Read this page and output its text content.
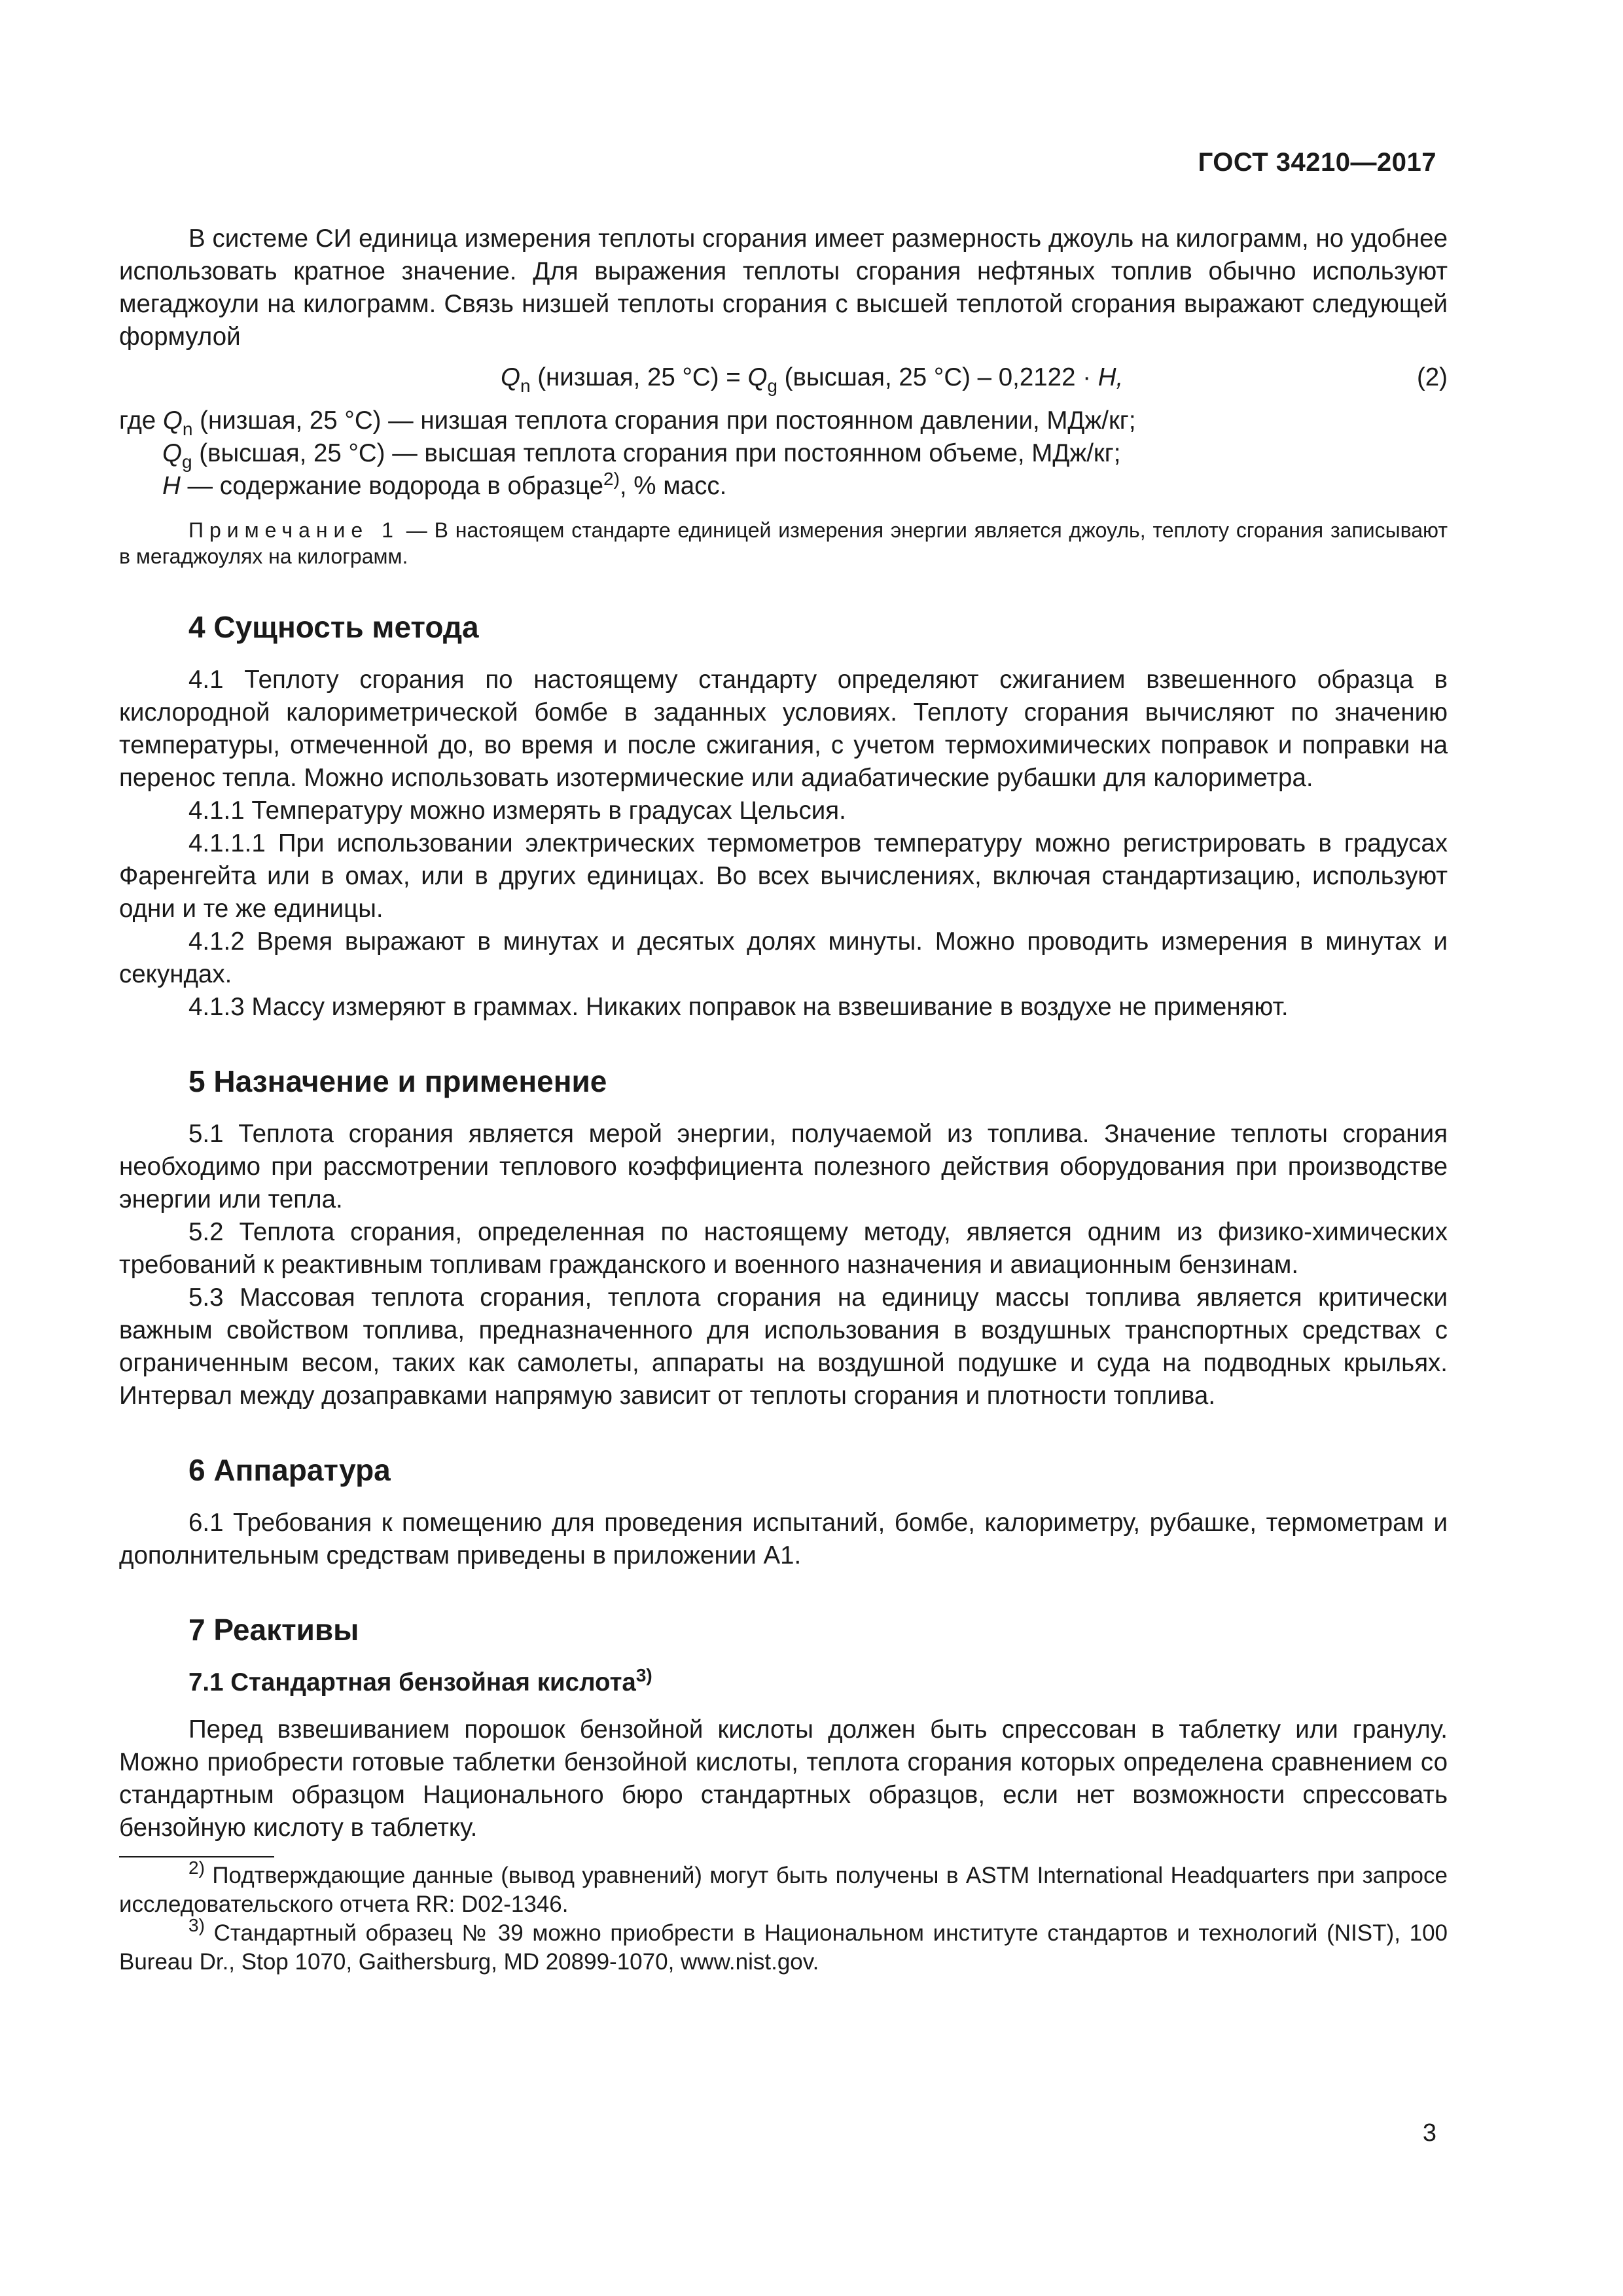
ГОСТ 34210—2017

В системе СИ единица измерения теплоты сгорания имеет размерность джоуль на килограмм, но удобнее использовать кратное значение. Для выражения теплоты сгорания нефтяных топлив обычно используют мегаджоули на килограмм. Связь низшей теплоты сгорания с высшей теплотой сгорания выражают следующей формулой

$Q_n$ (низшая, 25 $^\circ C) = Q_g$ (высшая, 25 °C) – 0,2122 · H,	(2)
где $Q_n$ (низшая, 25 °C) — низшая теплота сгорания при постоянном давлении, МДж/кг;
$Q_g$ (высшая, 25 °C) — высшая теплота сгорания при постоянном объеме, МДж/кг;
H — содержание водорода в образце$^{2)}$, % масс.

Примечание 1 — В настоящем стандарте единицей измерения энергии является джоуль, теплоту сгорания записывают в мегаджоулях на килограмм.

4 Сущность метода

4.1 Теплоту сгорания по настоящему стандарту определяют сжиганием взвешенного образца в кислородной калориметрической бомбе в заданных условиях. Теплоту сгорания вычисляют по значению температуры, отмеченной до, во время и после сжигания, с учетом термохимических поправок и поправки на перенос тепла. Можно использовать изотермические или адиабатические рубашки для калориметра.

4.1.1 Температуру можно измерять в градусах Цельсия.

4.1.1.1 При использовании электрических термометров температуру можно регистрировать в градусах Фаренгейта или в омах, или в других единицах. Во всех вычислениях, включая стандартизацию, используют одни и те же единицы.

4.1.2 Время выражают в минутах и десятых долях минуты. Можно проводить измерения в минутах и секундах.

4.1.3 Массу измеряют в граммах. Никаких поправок на взвешивание в воздухе не применяют.

5 Назначение и применение

5.1 Теплота сгорания является мерой энергии, получаемой из топлива. Значение теплоты сгорания необходимо при рассмотрении теплового коэффициента полезного действия оборудования при производстве энергии или тепла.

5.2 Теплота сгорания, определенная по настоящему методу, является одним из физико-химических требований к реактивным топливам гражданского и военного назначения и авиационным бензинам.

5.3 Массовая теплота сгорания, теплота сгорания на единицу массы топлива является критически важным свойством топлива, предназначенного для использования в воздушных транспортных средствах с ограниченным весом, таких как самолеты, аппараты на воздушной подушке и суда на подводных крыльях. Интервал между дозаправками напрямую зависит от теплоты сгорания и плотности топлива.

6 Аппаратура

6.1 Требования к помещению для проведения испытаний, бомбе, калориметру, рубашке, термометрам и дополнительным средствам приведены в приложении А1.

7 Реактивы
7.1 Стандартная бензойная кислота$^{3)}$

Перед взвешиванием порошок бензойной кислоты должен быть спрессован в таблетку или гранулу. Можно приобрести готовые таблетки бензойной кислоты, теплота сгорания которых определена сравнением со стандартным образцом Национального бюро стандартных образцов, если нет возможности спрессовать бензойную кислоту в таблетку.

$^{2)}$ Подтверждающие данные (вывод уравнений) могут быть получены в ASTM International Headquarters при запросе исследовательского отчета RR: D02-1346.

$^{3)}$ Стандартный образец № 39 можно приобрести в Национальном институте стандартов и технологий (NIST), 100 Bureau Dr., Stop 1070, Gaithersburg, MD 20899-1070, www.nist.gov.

3
